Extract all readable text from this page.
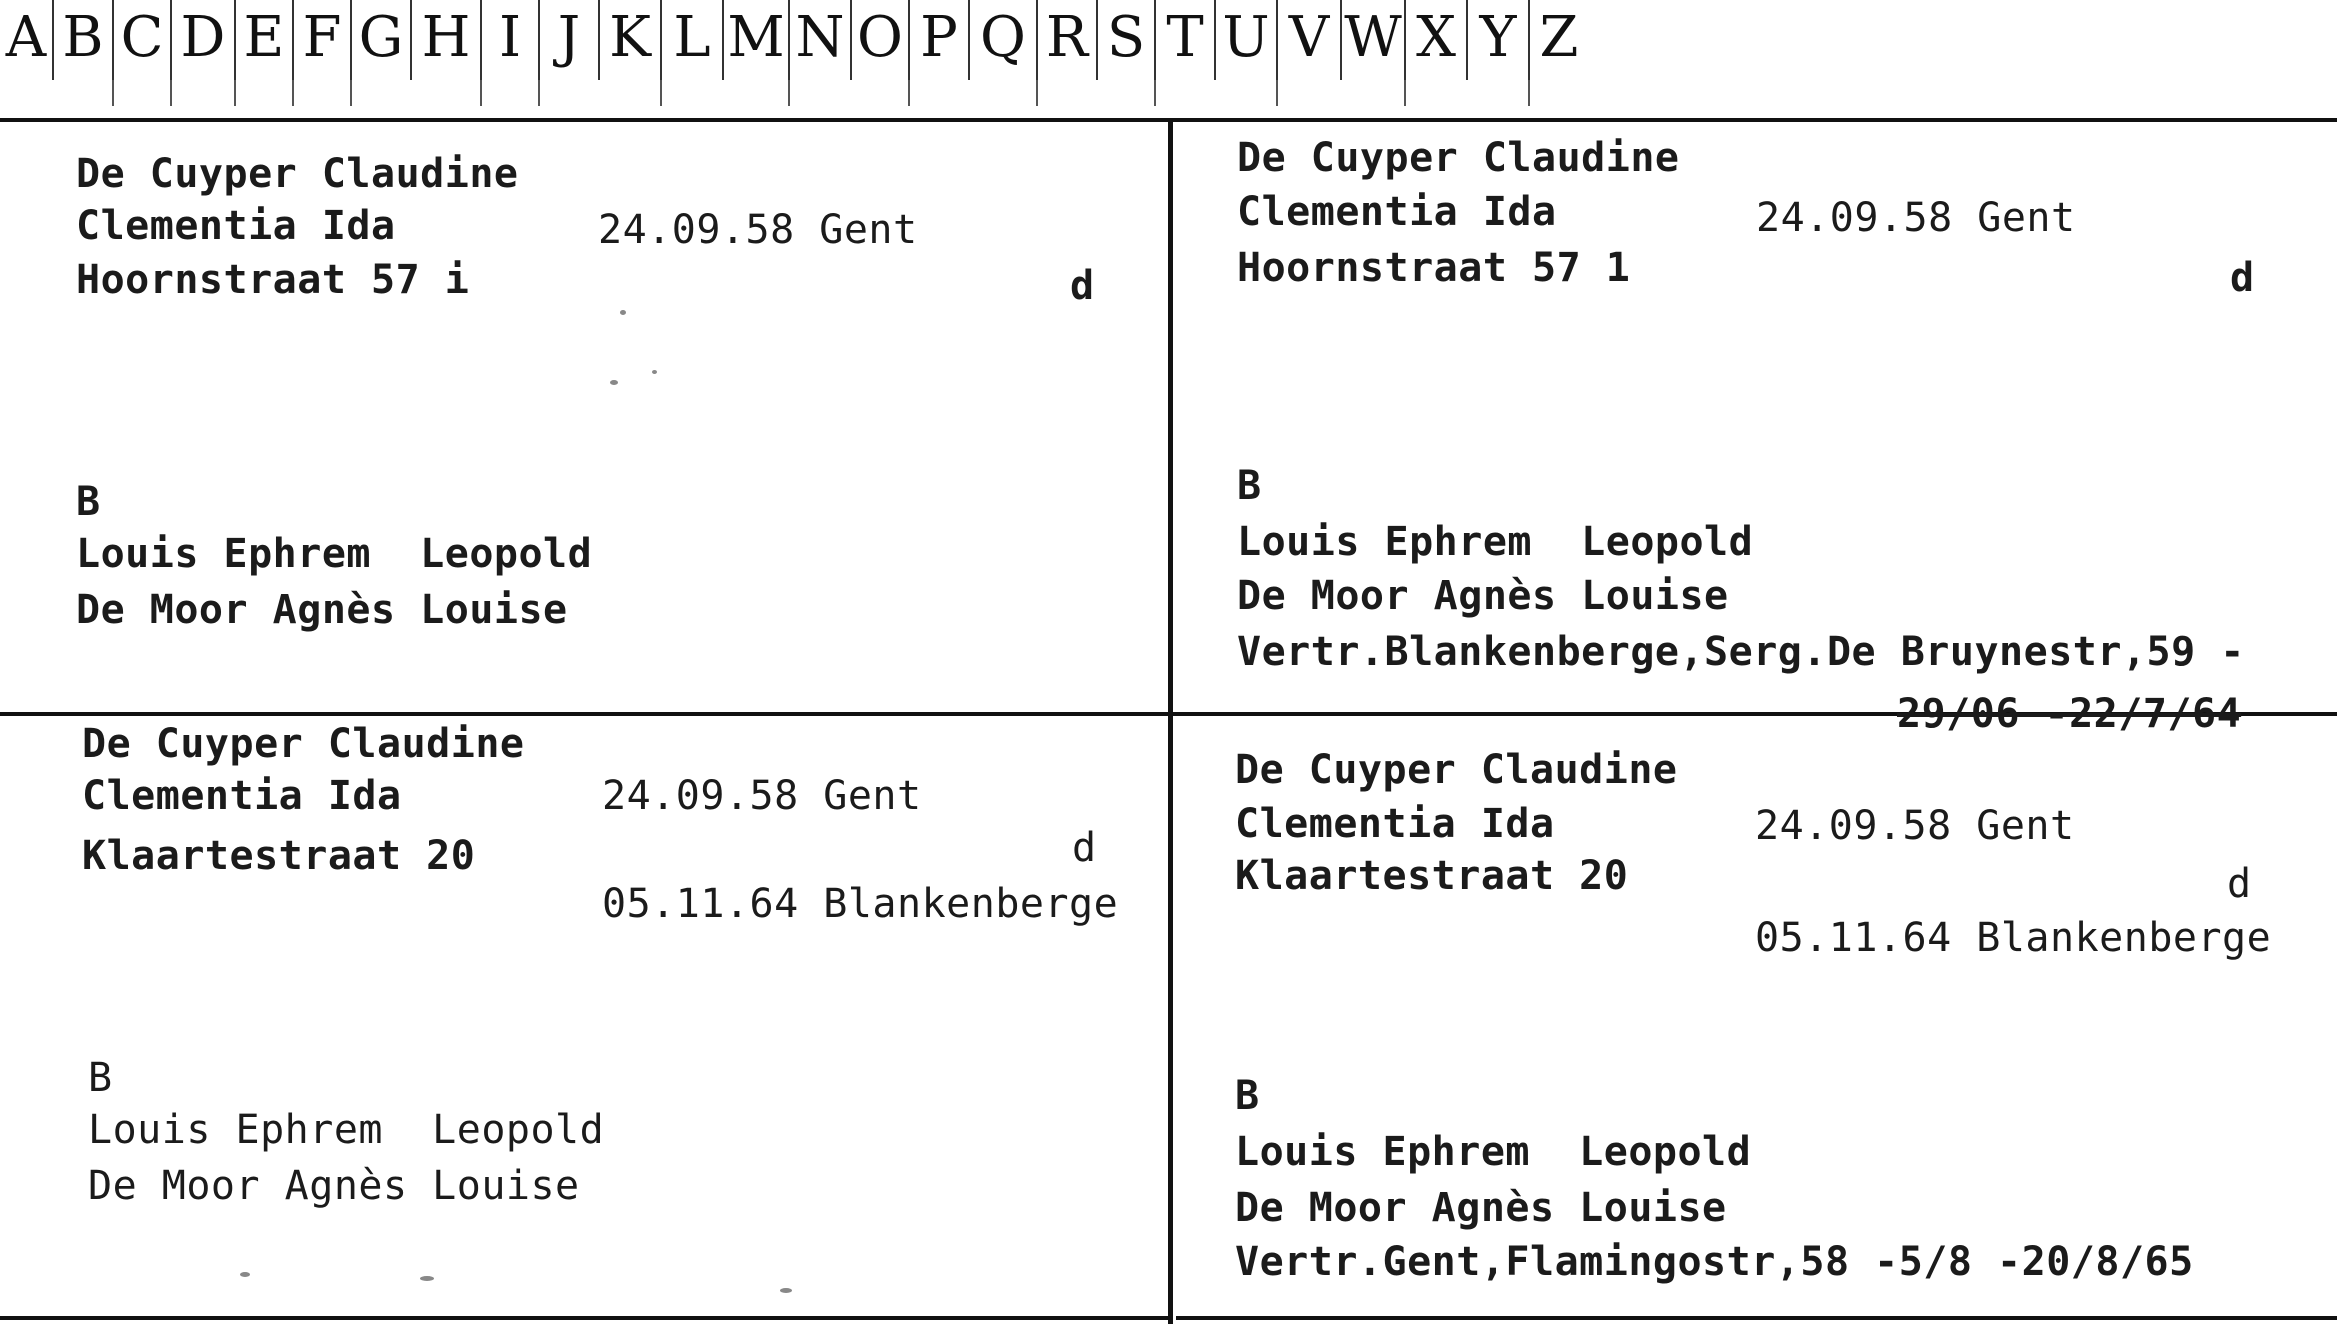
A B C D E F G H I J K L M N O P Q R S T U V W X Y Z
De Cuyper Claudine
Clementia Ida	24.09.58 Gent
Hoornstraat 57 i	d
B
Louis Ephrem  Leopold
De Moor Agnès Louise
De Cuyper Claudine
Clementia Ida	24.09.58 Gent
Hoornstraat 57 1	d
B
Louis Ephrem  Leopold
De Moor Agnès Louise
Vertr.Blankenberge,Serg.De Bruynestr,59 -
29/06 -22/7/64
De Cuyper Claudine
Clementia Ida	24.09.58 Gent
Klaartestraat 20	d
05.11.64 Blankenberge
B
Louis Ephrem  Leopold
De Moor Agnès Louise
De Cuyper Claudine
Clementia Ida	24.09.58 Gent
Klaartestraat 20	d
05.11.64 Blankenberge
B
Louis Ephrem  Leopold
De Moor Agnès Louise
Vertr.Gent,Flamingostr,58 -5/8 -20/8/65
